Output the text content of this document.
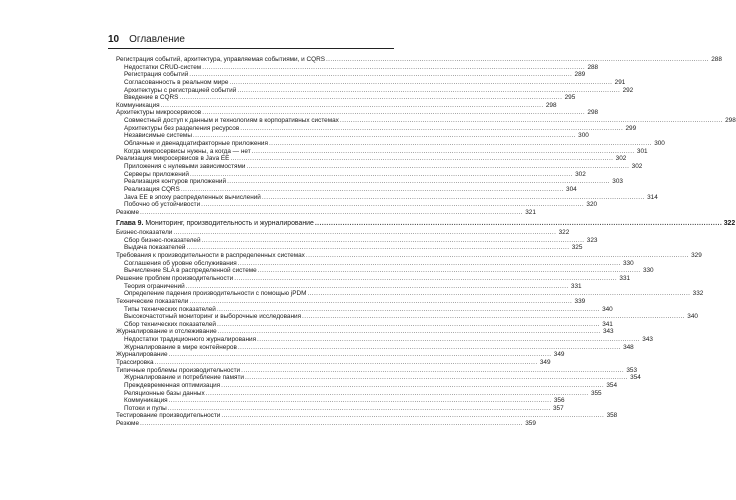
10 Оглавление
Регистрация событий, архитектура, управляемая событиями, и CQRS .....	288
Недостатки CRUD-систем .....	288
Регистрация событий .....	289
Согласованность в реальном мире .....	291
Архитектуры с регистрацией событий .....	292
Введение в CQRS .....	295
Коммуникация .....	298
Архитектуры микросервисов .....	298
Совместный доступ к данным и технологиям в корпоративных системах .....	298
Архитектуры без разделения ресурсов .....	299
Независимые системы .....	300
Облачные и двенадцатифакторные приложения .....	300
Когда микросервисы нужны, а когда — нет .....	301
Реализация микросервисов в Java EE .....	302
Приложения с нулевыми зависимостями .....	302
Серверы приложений .....	302
Реализация контуров приложений .....	303
Реализация CQRS .....	304
Java EE в эпоху распределенных вычислений .....	314
Побочно об устойчивости .....	320
Резюме .....	321
Глава 9. Мониторинг, производительность и журналирование .....	322
Бизнес-показатели .....	322
Сбор бизнес-показателей .....	323
Выдача показателей .....	325
Требования к производительности в распределенных системах .....	329
Соглашения об уровне обслуживания .....	330
Вычисление SLA в распределенной системе .....	330
Решение проблем производительности .....	331
Теория ограничений .....	331
Определение падения производительности с помощью jPDM .....	332
Технические показатели .....	339
Типы технических показателей .....	340
Высокочастотный мониторинг и выборочные исследования .....	340
Сбор технических показателей .....	341
Журналирование и отслеживание .....	343
Недостатки традиционного журналирования .....	343
Журналирование в мире контейнеров .....	348
Журналирование .....	349
Трассировка .....	349
Типичные проблемы производительности .....	353
Журналирование и потребление памяти .....	354
Преждевременная оптимизация .....	354
Реляционные базы данных .....	355
Коммуникация .....	356
Потоки и пулы .....	357
Тестирование производительности .....	358
Резюме .....	359
